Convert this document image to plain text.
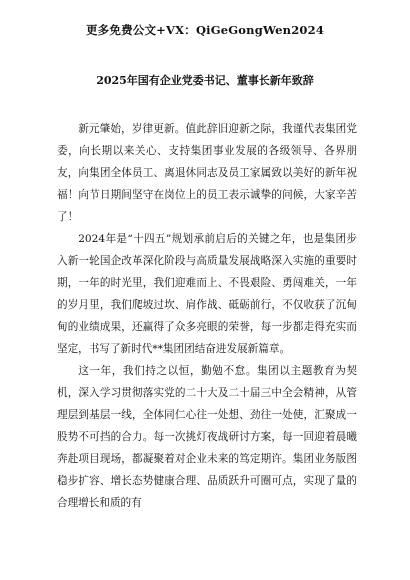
更多免费公文+VX：QiGeGongWen2024
2025年国有企业党委书记、董事长新年致辞

新元肇始，岁律更新。值此辞旧迎新之际，我谨代表集团党委，向长期以来关心、支持集团事业发展的各级领导、各界朋友，向集团全体员工、离退休同志及员工家属致以美好的新年祝福！向节日期间坚守在岗位上的员工表示诚挚的问候，大家辛苦了！

2024年是“十四五”规划承前启后的关键之年，也是集团步入新一轮国企改革深化阶段与高质量发展战略深入实施的重要时期，一年的时光里，我们迎难而上、不畏艰险、勇闯难关，一年的岁月里，我们爬坡过坎、肩作战、砥砺前行，不仅收获了沉甸甸的业绩成果，还赢得了众多亮眼的荣誉，每一步都走得充实而坚定，书写了新时代**集团团结奋进发展新篇章。

这一年，我们持之以恒，勤勉不怠。集团以主题教育为契机，深入学习贯彻落实党的二十大及二十届三中全会精神，从管理层到基层一线，全体同仁心往一处想、劲往一处使，汇聚成一股势不可挡的合力。每一次挑灯夜战研讨方案，每一回迎着晨曦奔赴项目现场，都凝聚着对企业未来的笃定期许。集团业务版图稳步扩容、增长态势健康合理、品质跃升可圈可点，实现了量的合理增长和质的有
